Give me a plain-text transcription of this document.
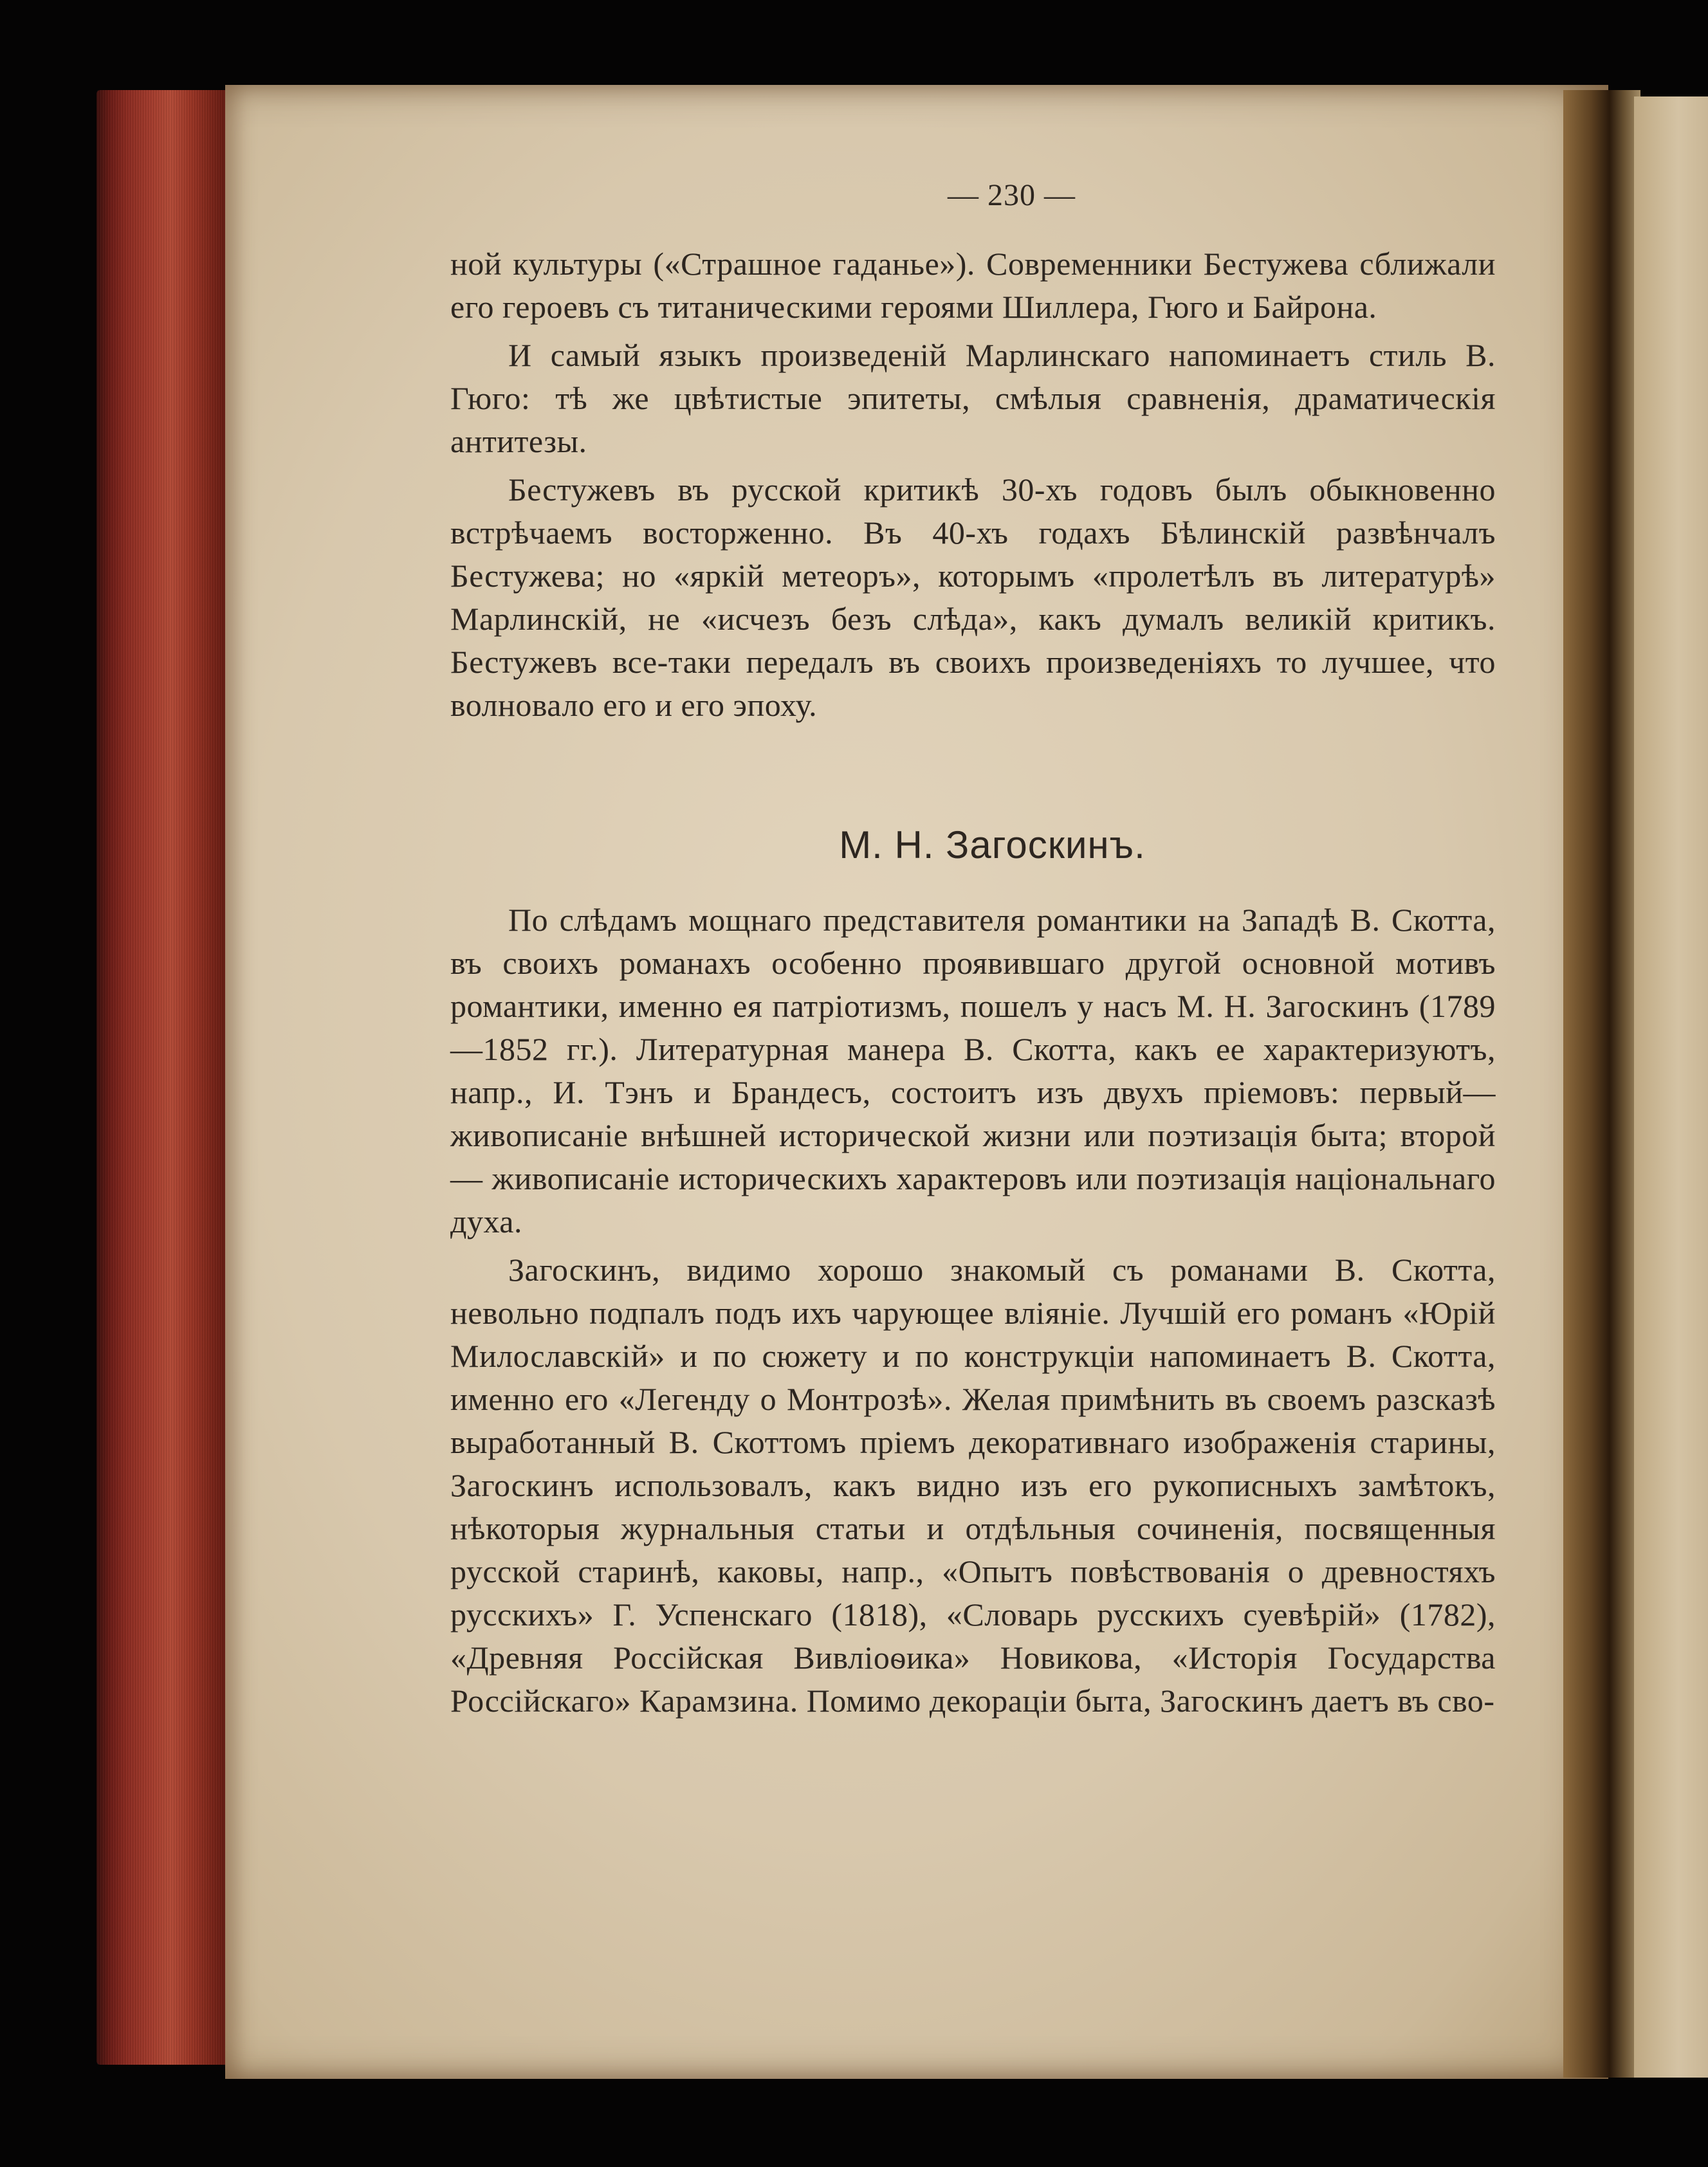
— 230 —

ной культуры («Страшное гаданье»). Современники Бестужева сближали его героевъ съ титаническими героями Шиллера, Гюго и Байрона.

И самый языкъ произведеній Марлинскаго напоминаетъ стиль В. Гюго: тѣ же цвѣтистые эпитеты, смѣлыя сравненія, драматическія антитезы.

Бестужевъ въ русской критикѣ 30-хъ годовъ былъ обыкновенно встрѣчаемъ восторженно. Въ 40-хъ годахъ Бѣлинскій развѣнчалъ Бестужева; но «яркій метеоръ», которымъ «пролетѣлъ въ литературѣ» Марлинскій, не «исчезъ безъ слѣда», какъ думалъ великій критикъ. Бестужевъ все-таки передалъ въ своихъ произведеніяхъ то лучшее, что волновало его и его эпоху.

М. Н. Загоскинъ.

По слѣдамъ мощнаго представителя романтики на Западѣ В. Скотта, въ своихъ романахъ особенно проявившаго другой основной мотивъ романтики, именно ея патріотизмъ, пошелъ у насъ М. Н. Загоскинъ (1789—1852 гг.). Литературная манера В. Скотта, какъ ее характеризуютъ, напр., И. Тэнъ и Брандесъ, состоитъ изъ двухъ пріемовъ: первый— живописаніе внѣшней исторической жизни или поэтизація быта; второй — живописаніе историческихъ характеровъ или поэтизація національнаго духа.

Загоскинъ, видимо хорошо знакомый съ романами В. Скотта, невольно подпалъ подъ ихъ чарующее вліяніе. Лучшій его романъ «Юрій Милославскій» и по сюжету и по конструкціи напоминаетъ В. Скотта, именно его «Легенду о Монтрозѣ». Желая примѣнить въ своемъ разсказѣ выработанный В. Скоттомъ пріемъ декоративнаго изображенія старины, Загоскинъ использовалъ, какъ видно изъ его рукописныхъ замѣтокъ, нѣкоторыя журнальныя статьи и отдѣльныя сочиненія, посвященныя русской старинѣ, каковы, напр., «Опытъ повѣствованія о древностяхъ русскихъ» Г. Успенскаго (1818), «Словарь русскихъ суевѣрій» (1782), «Древняя Россійская Вивліоѳика» Новикова, «Исторія Государства Россійскаго» Карамзина. Помимо декораціи быта, Загоскинъ даетъ въ сво-
